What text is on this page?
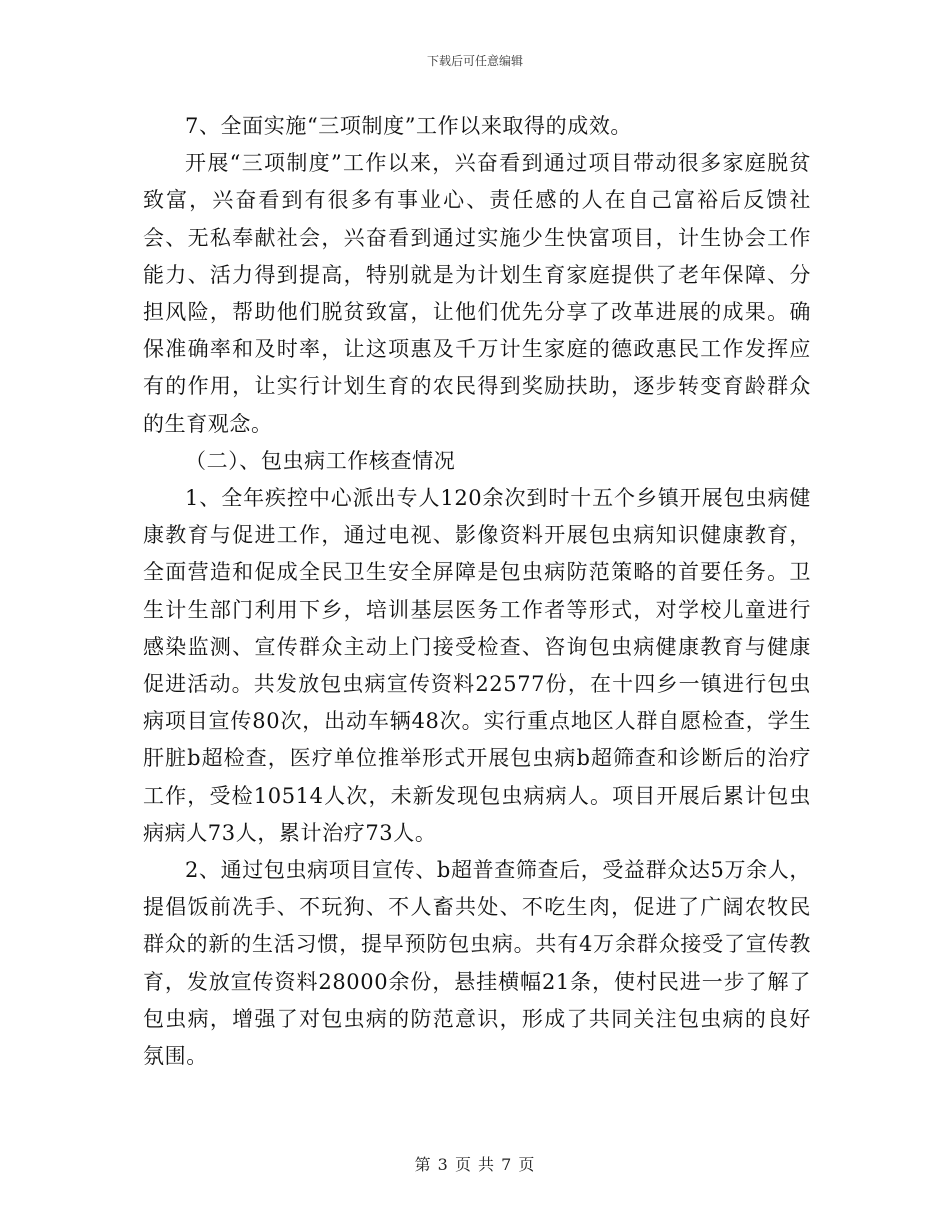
下载后可任意编辑

7、全面实施“三项制度”工作以来取得的成效。

开展“三项制度”工作以来，兴奋看到通过项目带动很多家庭脱贫致富，兴奋看到有很多有事业心、责任感的人在自己富裕后反馈社会、无私奉献社会，兴奋看到通过实施少生快富项目，计生协会工作能力、活力得到提高，特别就是为计划生育家庭提供了老年保障、分担风险，帮助他们脱贫致富，让他们优先分享了改革进展的成果。确保准确率和及时率，让这项惠及千万计生家庭的德政惠民工作发挥应有的作用，让实行计划生育的农民得到奖励扶助，逐步转变育龄群众的生育观念。

（二）、包虫病工作核查情况

1、全年疾控中心派出专人120余次到时十五个乡镇开展包虫病健康教育与促进工作，通过电视、影像资料开展包虫病知识健康教育，全面营造和促成全民卫生安全屏障是包虫病防范策略的首要任务。卫生计生部门利用下乡，培训基层医务工作者等形式，对学校儿童进行感染监测、宣传群众主动上门接受检查、咨询包虫病健康教育与健康促进活动。共发放包虫病宣传资料22577份，在十四乡一镇进行包虫病项目宣传80次，出动车辆48次。实行重点地区人群自愿检查，学生肝脏b超检查，医疗单位推举形式开展包虫病b超筛查和诊断后的治疗工作，受检10514人次，未新发现包虫病病人。项目开展后累计包虫病病人73人，累计治疗73人。

2、通过包虫病项目宣传、b超普查筛查后，受益群众达5万余人，提倡饭前冼手、不玩狗、不人畜共处、不吃生肉，促进了广阔农牧民群众的新的生活习惯，提早预防包虫病。共有4万余群众接受了宣传教育，发放宣传资料28000余份，悬挂横幅21条，使村民进一步了解了包虫病，增强了对包虫病的防范意识，形成了共同关注包虫病的良好氛围。

第 3 页 共 7 页
